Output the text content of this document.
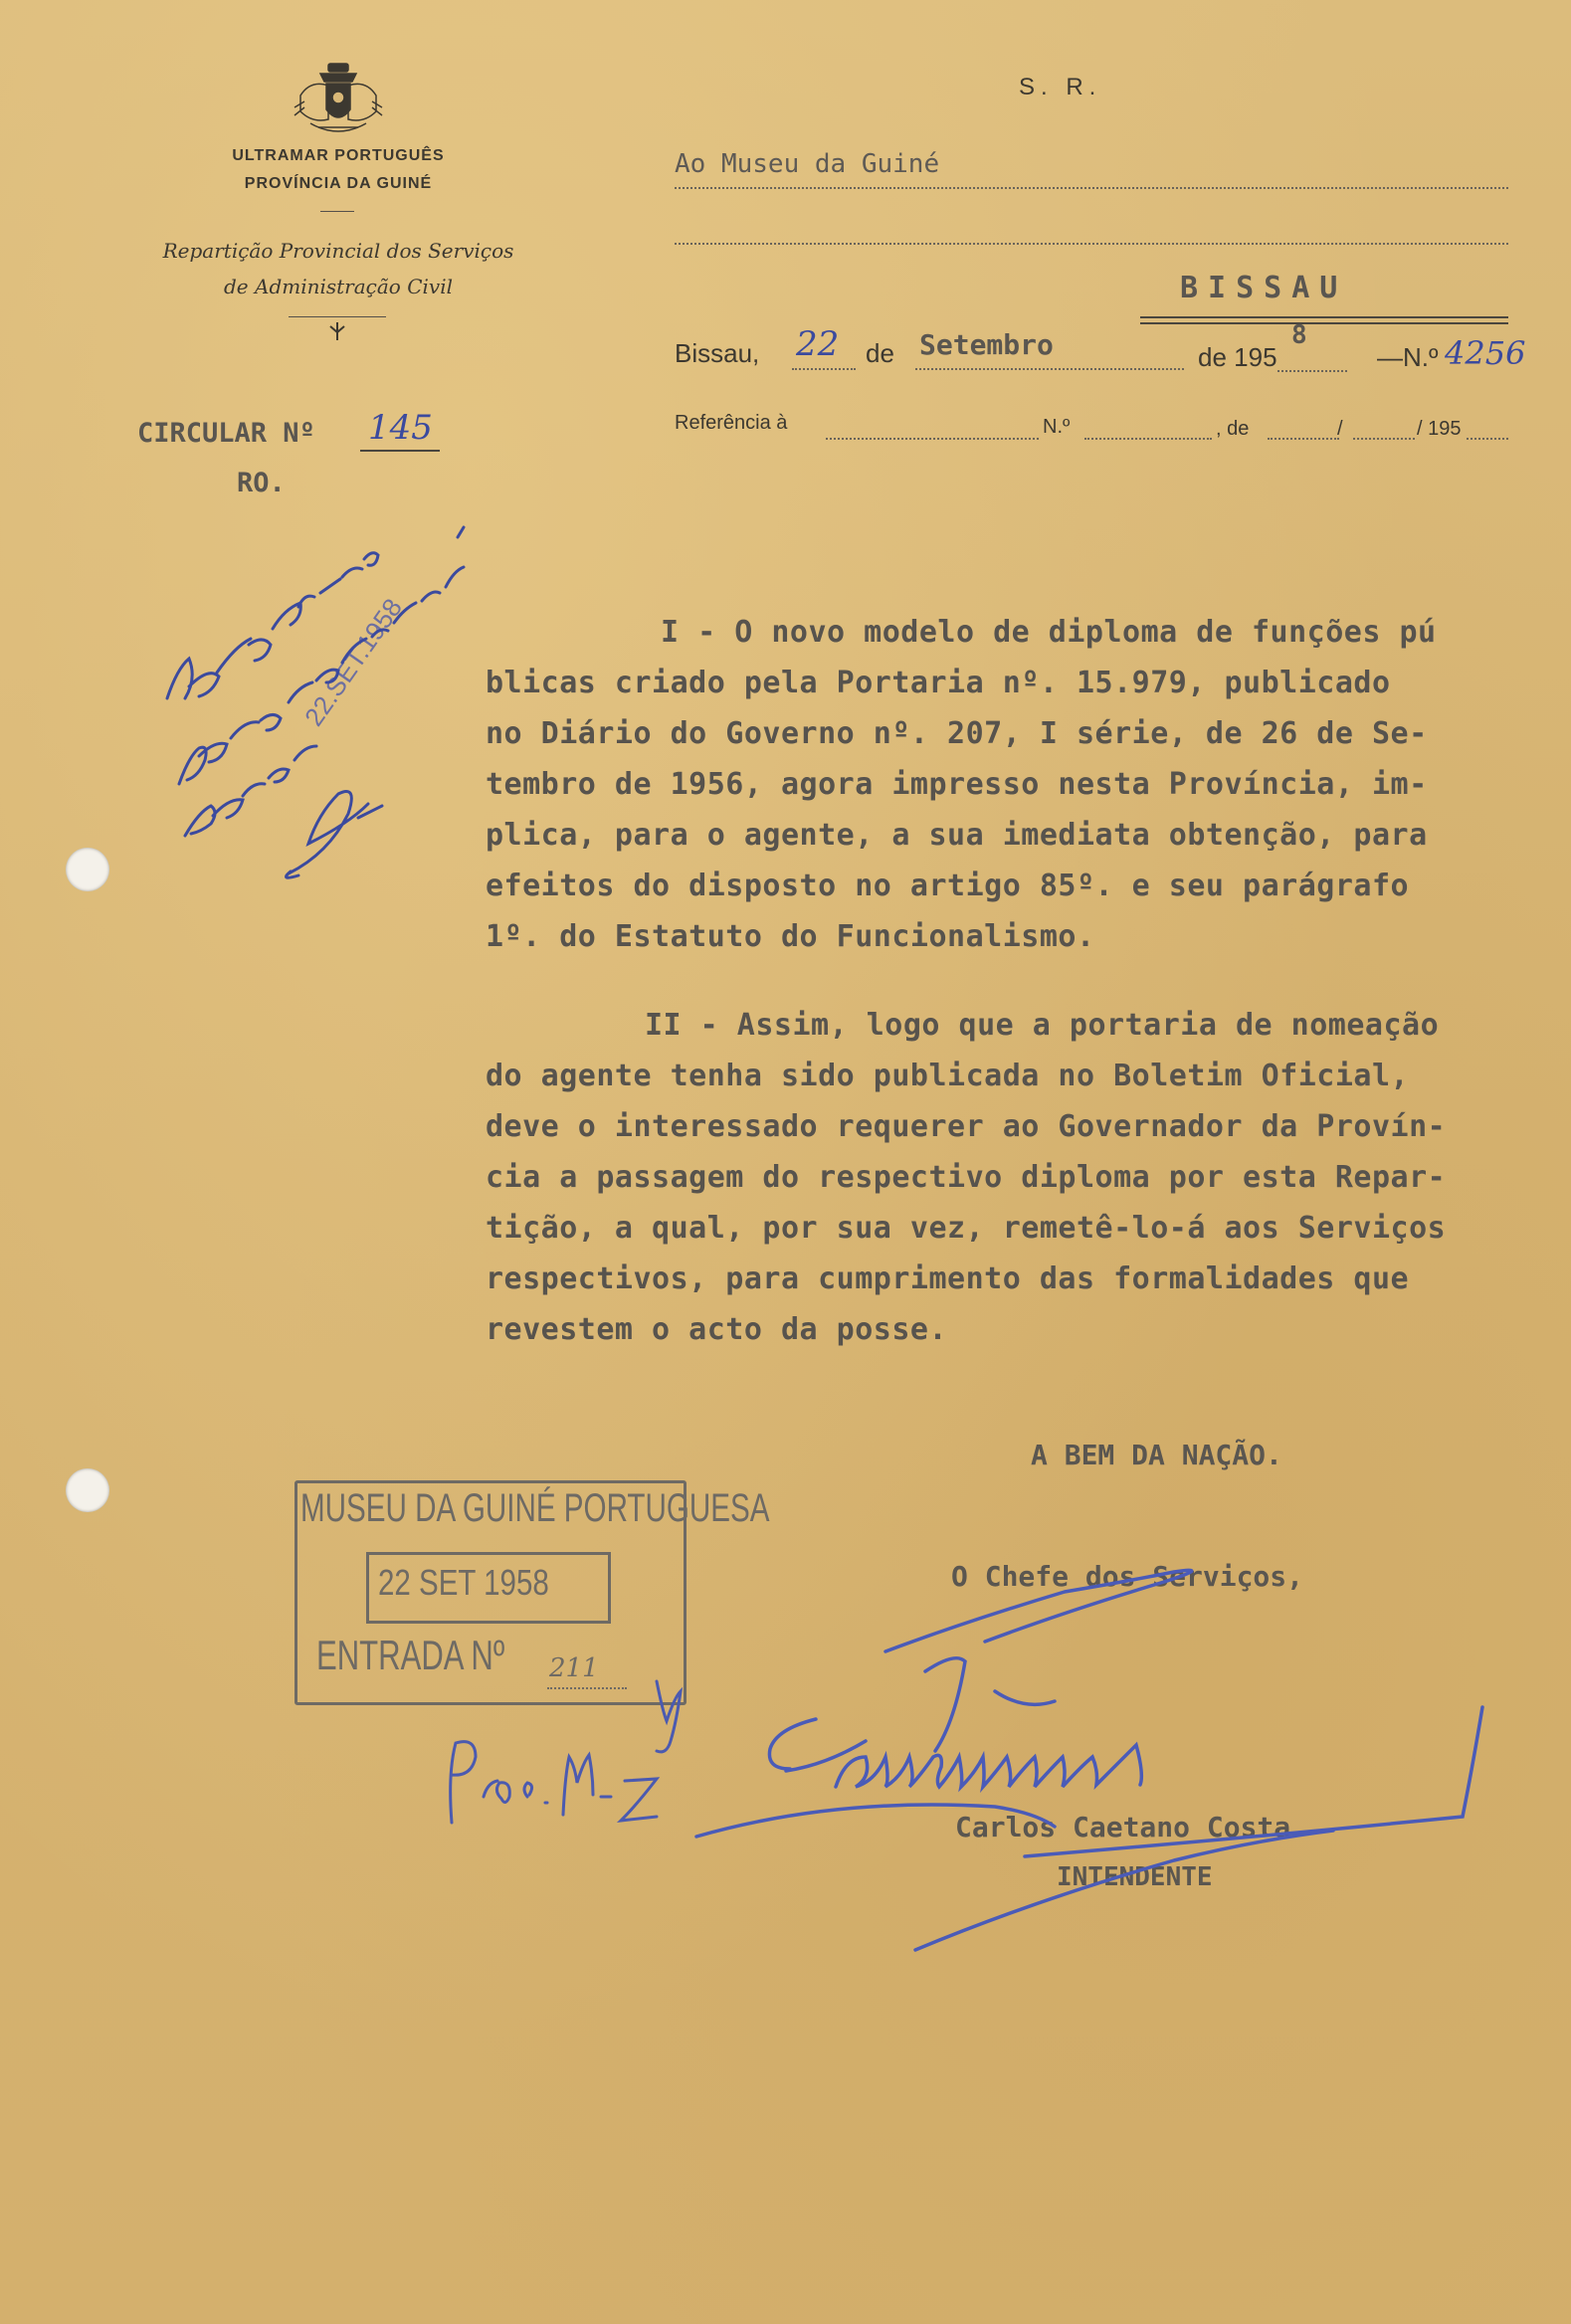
ULTRAMAR PORTUGUÊS
PROVÍNCIA DA GUINÉ
Repartição Provincial dos Serviços
de Administração Civil
S. R.
Ao Museu da Guiné
BISSAU
Bissau, 22 de Setembro	de 195
8
—N.º 4256
Referência à	N.º	, de	/	/ 195
CIRCULAR Nº 145
RO.
22.SET.1958	I - O novo modelo de diploma de funções pú
blicas criado pela Portaria nº. 15.979, publicado
no Diário do Governo nº. 207, I série, de 26 de Se-
tembro de 1956, agora impresso nesta Província, im-
plica, para o agente, a sua imediata obtenção, para
efeitos do disposto no artigo 85º. e seu parágrafo
1º. do Estatuto do Funcionalismo.
II - Assim, logo que a portaria de nomeação
do agente tenha sido publicada no Boletim Oficial,
deve o interessado requerer ao Governador da Provín-
cia a passagem do respectivo diploma por esta Repar-
tição, a qual, por sua vez, remetê-lo-á aos Serviços
respectivos, para cumprimento das formalidades que
revestem o acto da posse.
A BEM DA NAÇÃO.
O Chefe dos Serviços,
Carlos Caetano Costa
INTENDENTE
MUSEU DA GUINÉ PORTUGUESA
22 SET 1958
ENTRADA Nº 211
